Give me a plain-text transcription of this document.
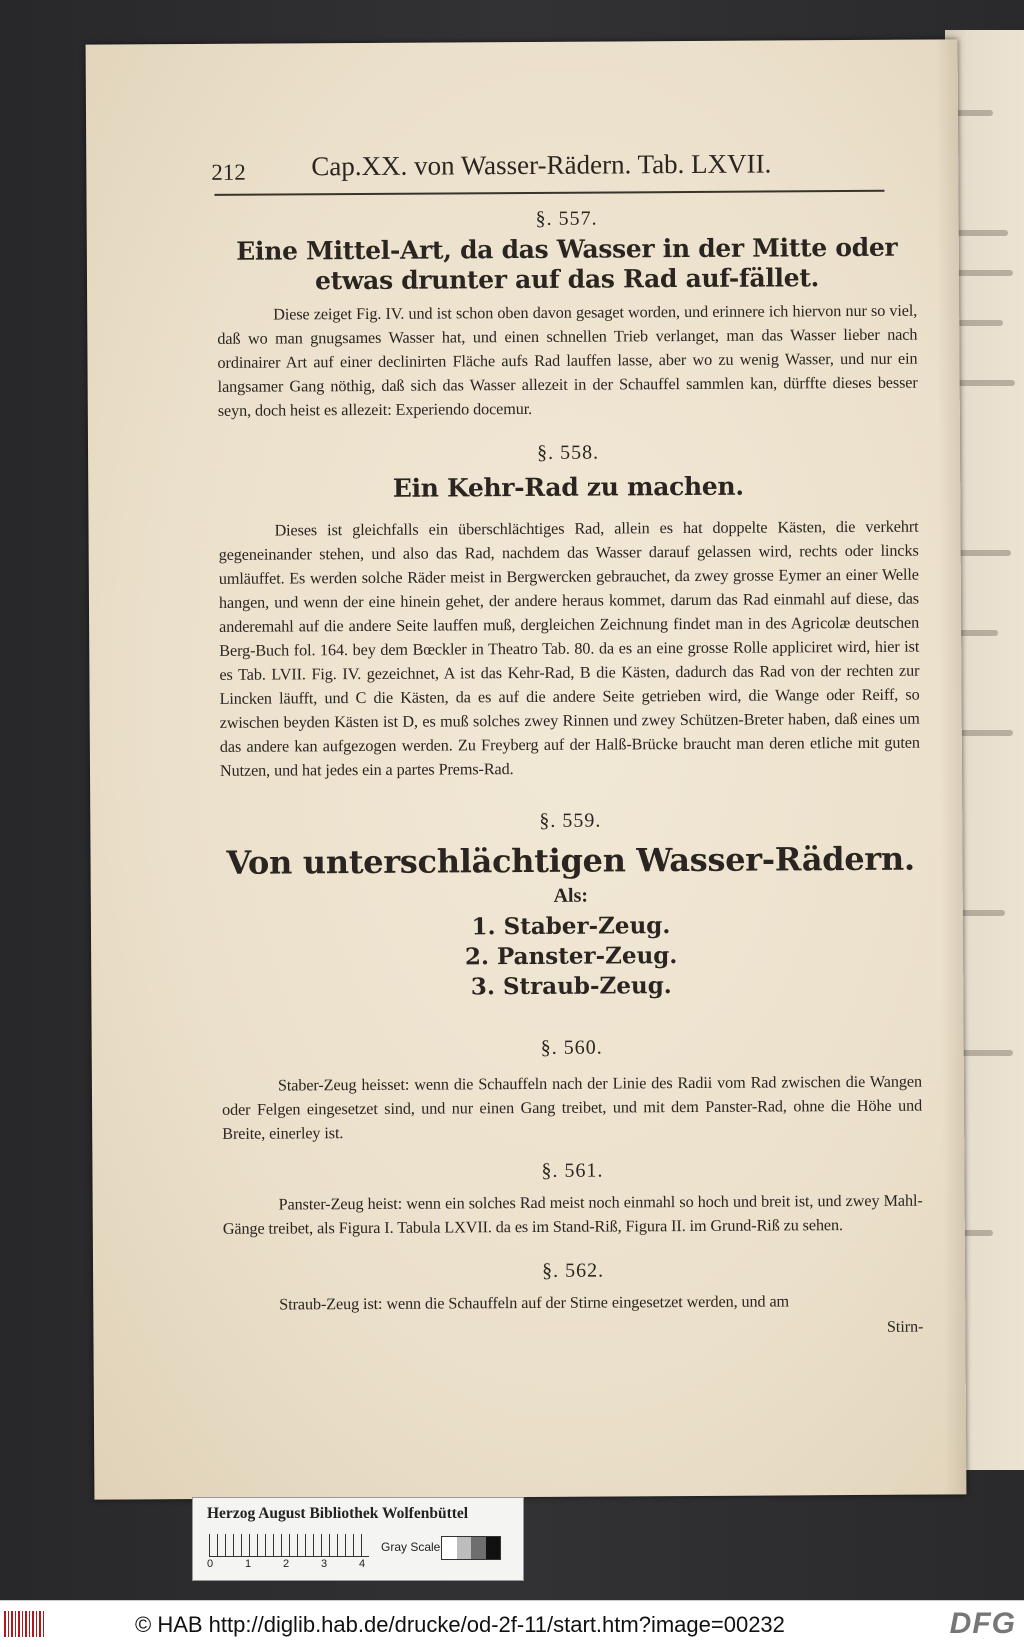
212 Cap.XX. von Wasser-Rädern. Tab. LXVII.
§. 557.
Eine Mittel-Art, da das Wasser in der Mitte oder etwas drunter auf das Rad auf-fället.
Diese zeiget Fig. IV. und ist schon oben davon gesaget worden, und erinnere ich hiervon nur so viel, daß wo man gnugsames Wasser hat, und einen schnellen Trieb verlanget, man das Wasser lieber nach ordinairer Art auf einer declinirten Fläche aufs Rad lauffen lasse, aber wo zu wenig Wasser, und nur ein langsamer Gang nöthig, daß sich das Wasser allezeit in der Schauffel sammlen kan, dürffte dieses besser seyn, doch heist es allezeit: Experiendo docemur.
§. 558.
Ein Kehr-Rad zu machen.
Dieses ist gleichfalls ein überschlächtiges Rad, allein es hat doppelte Kästen, die verkehrt gegeneinander stehen, und also das Rad, nachdem das Wasser darauf gelassen wird, rechts oder lincks umläuffet. Es werden solche Räder meist in Bergwercken gebrauchet, da zwey grosse Eymer an einer Welle hangen, und wenn der eine hinein gehet, der andere heraus kommet, darum das Rad einmahl auf diese, das anderemahl auf die andere Seite lauffen muß, dergleichen Zeichnung findet man in des Agricolæ deutschen Berg-Buch fol. 164. bey dem Bœckler in Theatro Tab. 80. da es an eine grosse Rolle appliciret wird, hier ist es Tab. LVII. Fig. IV. gezeichnet, A ist das Kehr-Rad, B die Kästen, dadurch das Rad von der rechten zur Lincken läufft, und C die Kästen, da es auf die andere Seite getrieben wird, die Wange oder Reiff, so zwischen beyden Kästen ist D, es muß solches zwey Rinnen und zwey Schützen-Breter haben, daß eines um das andere kan aufgezogen werden. Zu Freyberg auf der Halß-Brücke braucht man deren etliche mit guten Nutzen, und hat jedes ein a partes Prems-Rad.
§. 559.
Von unterschlächtigen Wasser-Rädern.
Als:
1. Staber-Zeug.
2. Panster-Zeug.
3. Straub-Zeug.
§. 560.
Staber-Zeug heisset: wenn die Schauffeln nach der Linie des Radii vom Rad zwischen die Wangen oder Felgen eingesetzet sind, und nur einen Gang treibet, und mit dem Panster-Rad, ohne die Höhe und Breite, einerley ist.
§. 561.
Panster-Zeug heist: wenn ein solches Rad meist noch einmahl so hoch und breit ist, und zwey Mahl-Gänge treibet, als Figura I. Tabula LXVII. da es im Stand-Riß, Figura II. im Grund-Riß zu sehen.
§. 562.
Straub-Zeug ist: wenn die Schauffeln auf der Stirne eingesetzet werden, und am
Stirn-
Herzog August Bibliothek Wolfenbüttel
0	1	2	3	4
Gray Scale
© HAB http://diglib.hab.de/drucke/od-2f-11/start.htm?image=00232	DFG
